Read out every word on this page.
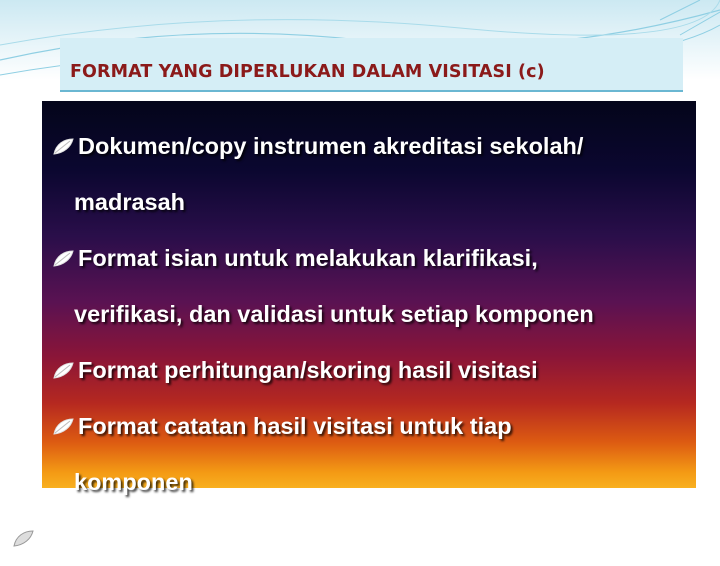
FORMAT YANG DIPERLUKAN DALAM VISITASI (c)
Dokumen/copy instrumen akreditasi sekolah/
madrasah
Format isian untuk melakukan klarifikasi,
verifikasi, dan validasi untuk setiap komponen
Format perhitungan/skoring hasil visitasi
Format catatan hasil visitasi untuk tiap
komponen
Format saran dan rekomendasi dari hasil
